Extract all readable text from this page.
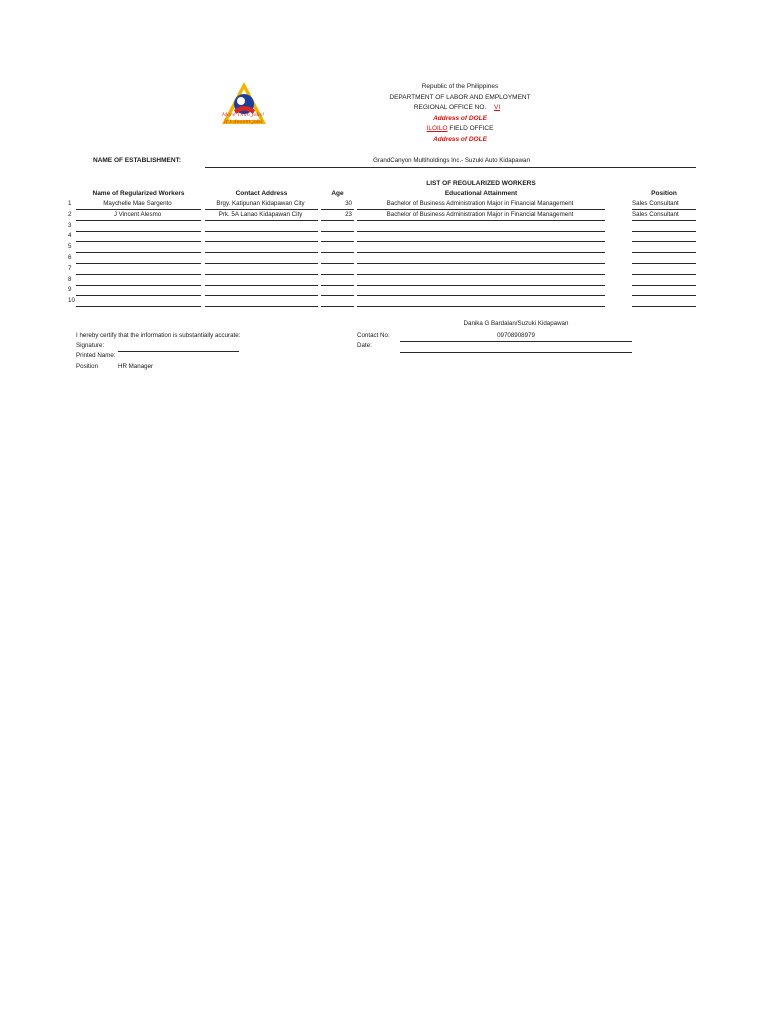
More Than Jobs!
It's decent jobs
Republic of the Philippines
DEPARTMENT OF LABOR AND EMPLOYMENT
REGIONAL OFFICE NO. VI
Address of DOLE
ILOILO FIELD OFFICE
Address of DOLE
NAME OF ESTABLISHMENT:	GrandCanyon Multiholdings Inc.- Suzuki Auto Kidapawan
LIST OF REGULARIZED WORKERS
Name of Regularized Workers	Contact Address	Age	Educational Attainment	Position
1	Maychelle Mae Sargento	Brgy. Katipunan Kidapawan City	30	Bachelor of Business Administration Major in Financial Management	Sales Consultant
2	J Vincent Alesmo	Prk. 5A Lanao Kidapawan City	23	Bachelor of Business Administration Major in Financial Management	Sales Consultant
3
4
5
6
7
8
9
10
I hereby certify that the information is substantially accurate:
Signature:
Printed Name:
Position	HR Manager
Danika G Bardalan/Suzuki Kidapawan
Contact No:	09708908979
Date:
